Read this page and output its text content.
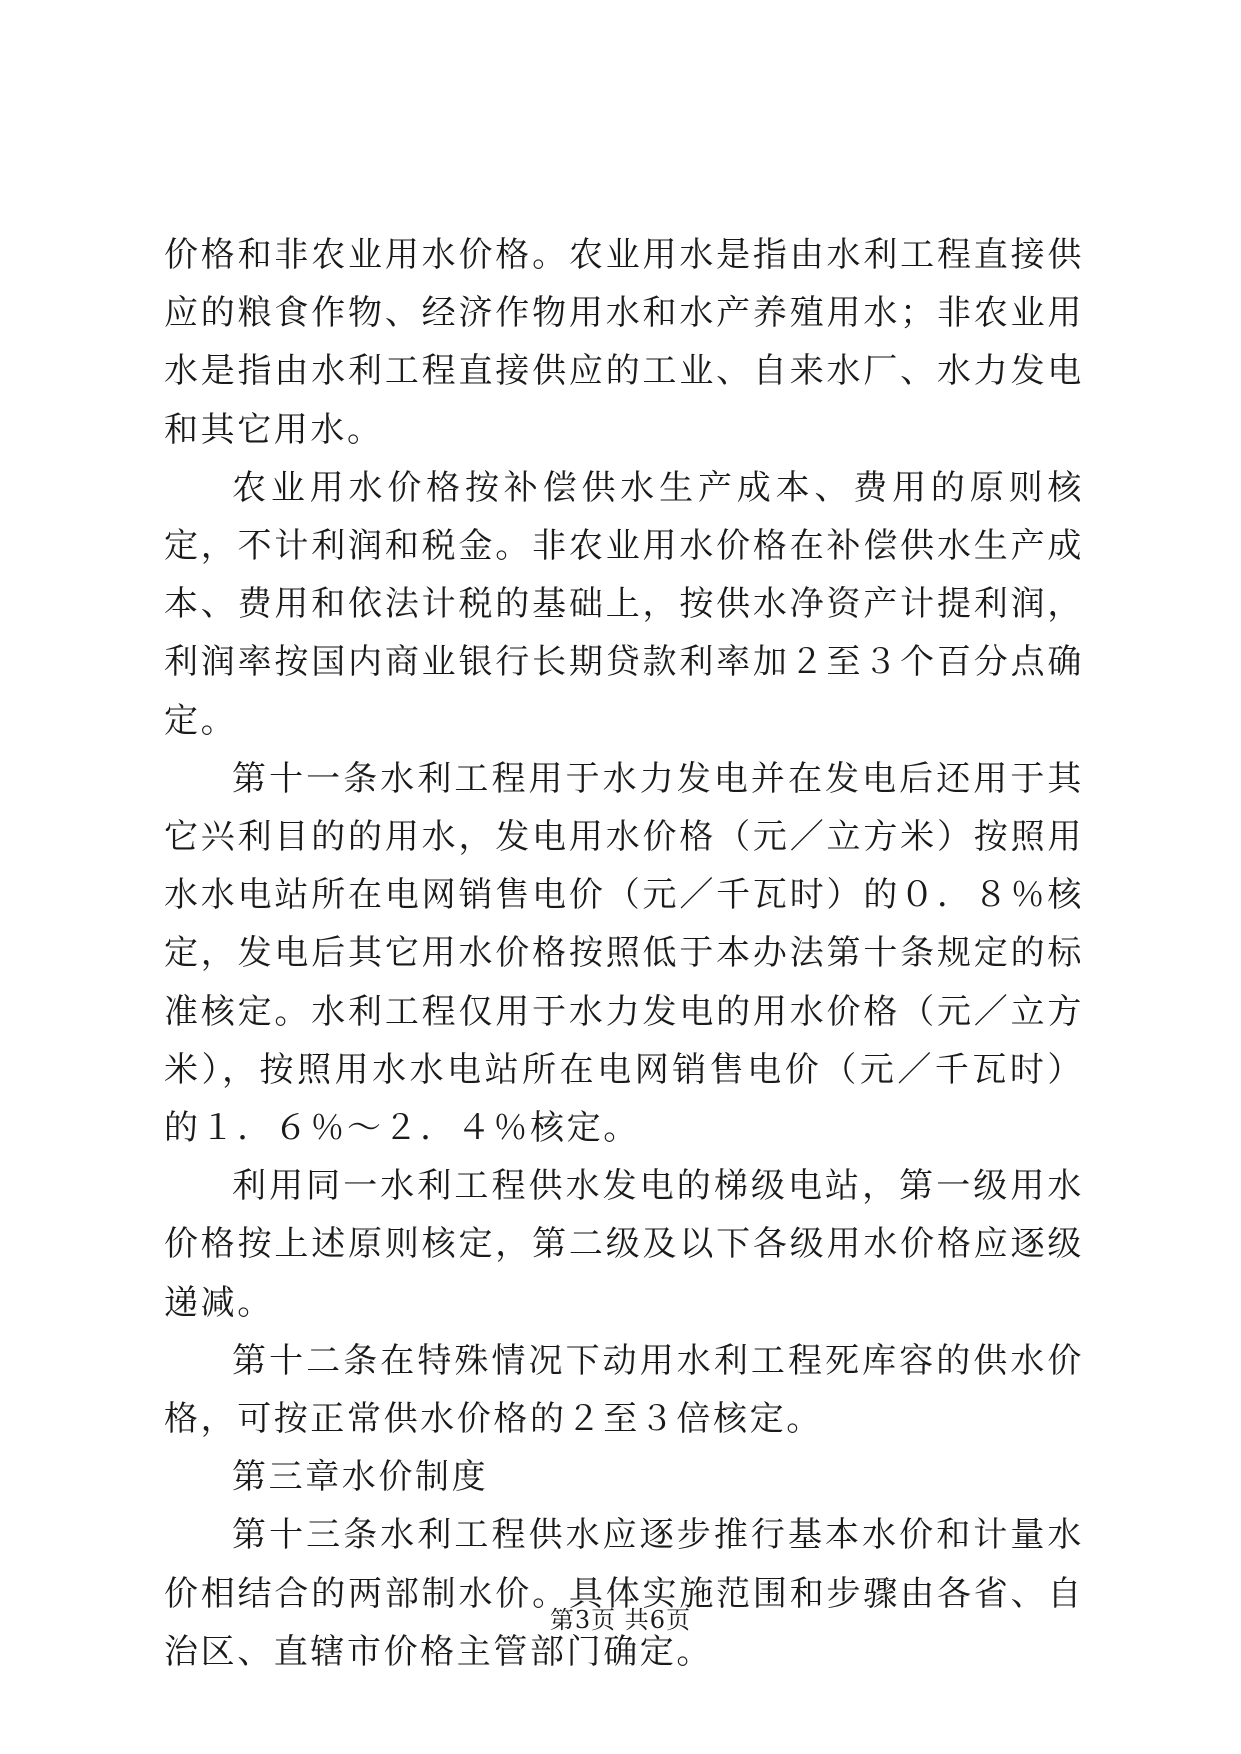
价格和非农业用水价格。农业用水是指由水利工程直接供应的粮食作物、经济作物用水和水产养殖用水；非农业用水是指由水利工程直接供应的工业、自来水厂、水力发电和其它用水。

农业用水价格按补偿供水生产成本、费用的原则核定，不计利润和税金。非农业用水价格在补偿供水生产成本、费用和依法计税的基础上，按供水净资产计提利润，利润率按国内商业银行长期贷款利率加２至３个百分点确定。

第十一条水利工程用于水力发电并在发电后还用于其它兴利目的的用水，发电用水价格（元／立方米）按照用水水电站所在电网销售电价（元／千瓦时）的０．８％核定，发电后其它用水价格按照低于本办法第十条规定的标准核定。水利工程仅用于水力发电的用水价格（元／立方米），按照用水水电站所在电网销售电价（元／千瓦时）的１．６％～２．４％核定。

利用同一水利工程供水发电的梯级电站，第一级用水价格按上述原则核定，第二级及以下各级用水价格应逐级递减。

第十二条在特殊情况下动用水利工程死库容的供水价格，可按正常供水价格的２至３倍核定。

第三章水价制度

第十三条水利工程供水应逐步推行基本水价和计量水价相结合的两部制水价。具体实施范围和步骤由各省、自治区、直辖市价格主管部门确定。

第3页 共6页
